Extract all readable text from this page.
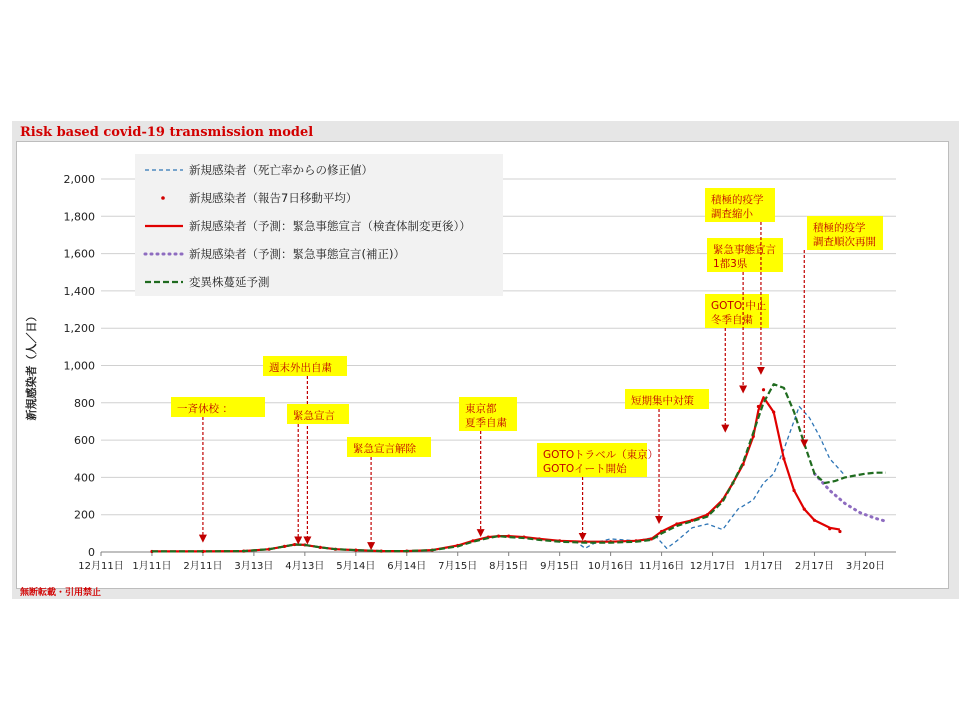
Risk based covid-19 transmission model
0
200
400
600
800
1,000
1,200
1,400
1,600
1,800
2,000
12月11日 1月11日 2月11日 3月13日 4月13日 5月14日 6月14日 7月15日 8月15日 9月15日 10月16日 11月16日 12月17日 1月17日 2月17日 3月20日
新規感染者（人／日）	一斉休校 ：
週末外出自粛
緊急宣言
緊急宣言解除
東京都
夏季自粛
GOTOトラベル（東京）
GOTOイート開始
短期集中対策
GOTO 中止
冬季自粛
緊急事態宣言
1都3県
積極的疫学
調査縮小
積極的疫学
調査順次再開
新規感染者（死亡率からの修正値）
新規感染者（報告7日移動平均）
新規感染者（予測：緊急事態宣言（検査体制変更後））
新規感染者（予測：緊急事態宣言(補正)）
変異株蔓延予測
無断転載・引用禁止
